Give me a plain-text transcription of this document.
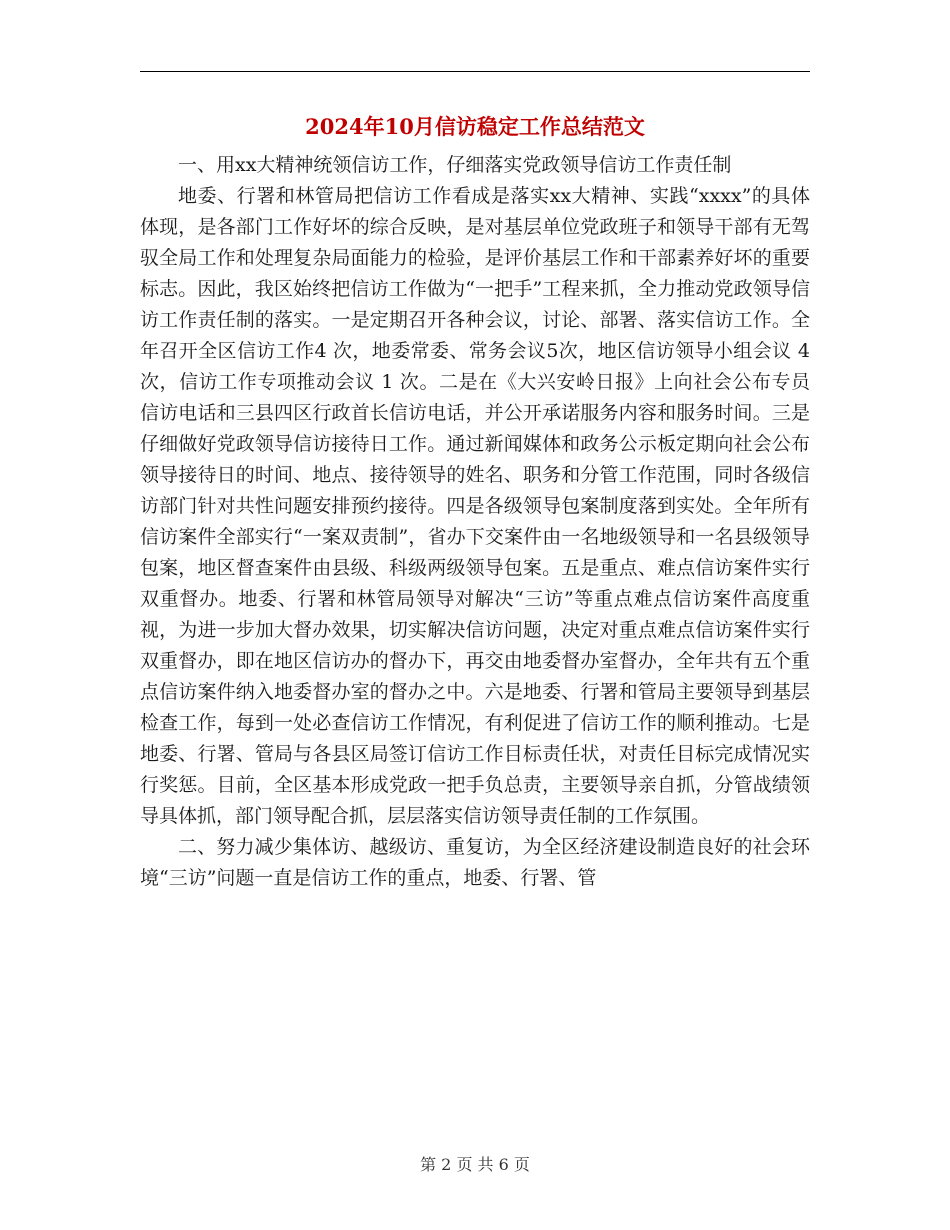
2024年10月信访稳定工作总结范文

一、用xx大精神统领信访工作，仔细落实党政领导信访工作责任制

地委、行署和林管局把信访工作看成是落实xx大精神、实践“xxxx”的具体体现，是各部门工作好坏的综合反映，是对基层单位党政班子和领导干部有无驾驭全局工作和处理复杂局面能力的检验，是评价基层工作和干部素养好坏的重要标志。因此，我区始终把信访工作做为“一把手”工程来抓，全力推动党政领导信访工作责任制的落实。一是定期召开各种会议，讨论、部署、落实信访工作。全年召开全区信访工作4 次，地委常委、常务会议5次，地区信访领导小组会议 4 次，信访工作专项推动会议 1 次。二是在《大兴安岭日报》上向社会公布专员信访电话和三县四区行政首长信访电话，并公开承诺服务内容和服务时间。三是仔细做好党政领导信访接待日工作。通过新闻媒体和政务公示板定期向社会公布领导接待日的时间、地点、接待领导的姓名、职务和分管工作范围，同时各级信访部门针对共性问题安排预约接待。四是各级领导包案制度落到实处。全年所有信访案件全部实行“一案双责制”，省办下交案件由一名地级领导和一名县级领导包案，地区督查案件由县级、科级两级领导包案。五是重点、难点信访案件实行双重督办。地委、行署和林管局领导对解决“三访”等重点难点信访案件高度重视，为进一步加大督办效果，切实解决信访问题，决定对重点难点信访案件实行双重督办，即在地区信访办的督办下，再交由地委督办室督办，全年共有五个重点信访案件纳入地委督办室的督办之中。六是地委、行署和管局主要领导到基层检查工作，每到一处必查信访工作情况，有利促进了信访工作的顺利推动。七是地委、行署、管局与各县区局签订信访工作目标责任状，对责任目标完成情况实行奖惩。目前，全区基本形成党政一把手负总责，主要领导亲自抓，分管战绩领导具体抓，部门领导配合抓，层层落实信访领导责任制的工作氛围。

二、努力减少集体访、越级访、重复访，为全区经济建设制造良好的社会环境“三访”问题一直是信访工作的重点，地委、行署、管

第 2 页 共 6 页
